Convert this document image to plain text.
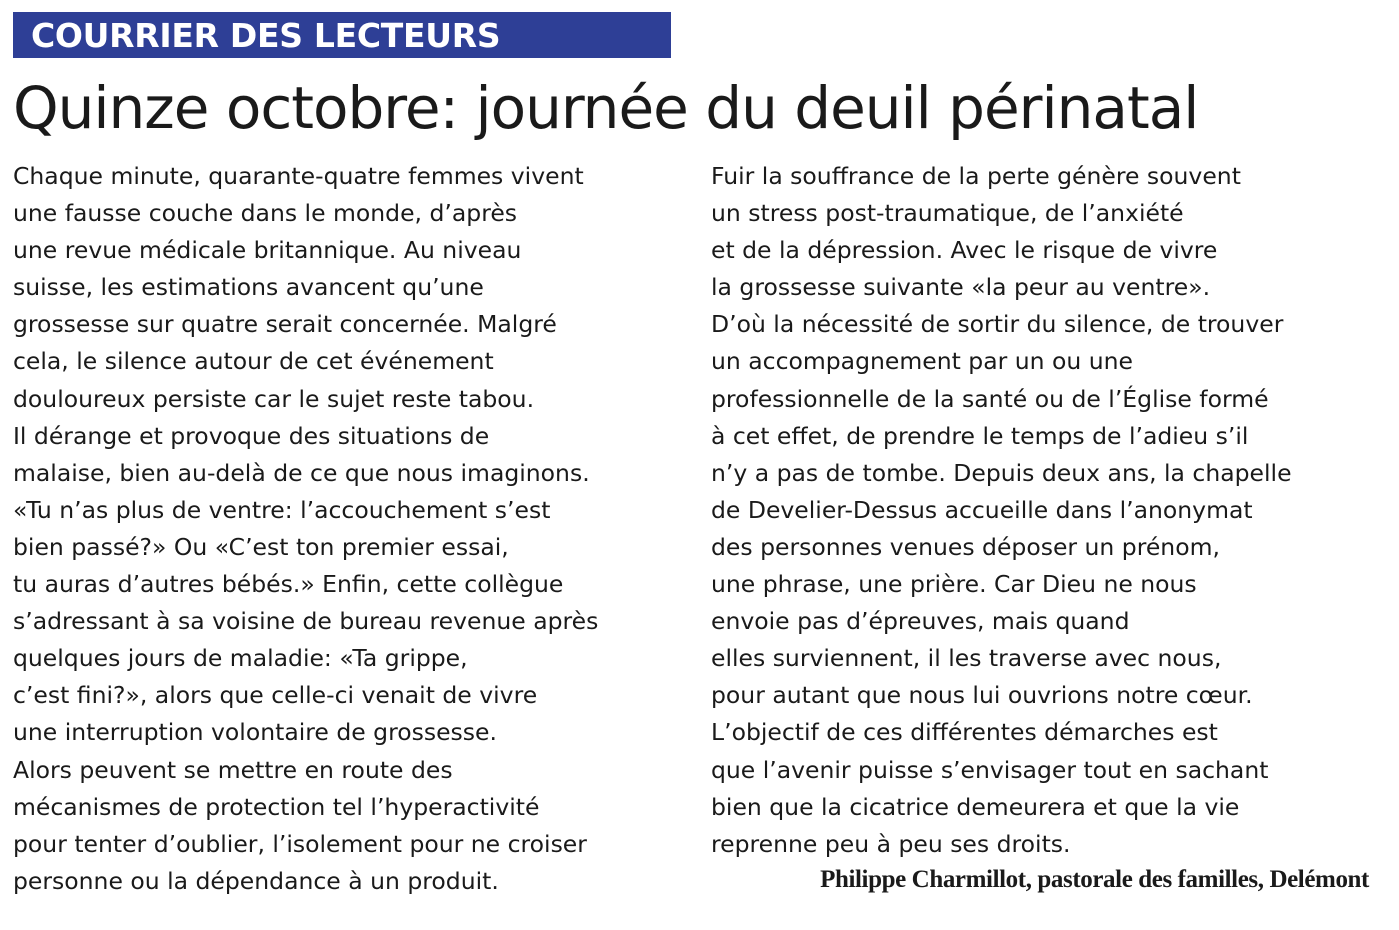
COURRIER DES LECTEURS
Quinze octobre: journée du deuil périnatal
Chaque minute, quarante-quatre femmes vivent
une fausse couche dans le monde, d’après
une revue médicale britannique. Au niveau
suisse, les estimations avancent qu’une
grossesse sur quatre serait concernée. Malgré
cela, le silence autour de cet événement
douloureux persiste car le sujet reste tabou.
Il dérange et provoque des situations de
malaise, bien au-delà de ce que nous imaginons.
«Tu n’as plus de ventre: l’accouchement s’est
bien passé?» Ou «C’est ton premier essai,
tu auras d’autres bébés.» Enfin, cette collègue
s’adressant à sa voisine de bureau revenue après
quelques jours de maladie: «Ta grippe,
c’est fini?», alors que celle-ci venait de vivre
une interruption volontaire de grossesse.
Alors peuvent se mettre en route des
mécanismes de protection tel l’hyperactivité
pour tenter d’oublier, l’isolement pour ne croiser
personne ou la dépendance à un produit.
Fuir la souffrance de la perte génère souvent
un stress post-traumatique, de l’anxiété
et de la dépression. Avec le risque de vivre
la grossesse suivante «la peur au ventre».
D’où la nécessité de sortir du silence, de trouver
un accompagnement par un ou une
professionnelle de la santé ou de l’Église formé
à cet effet, de prendre le temps de l’adieu s’il
n’y a pas de tombe. Depuis deux ans, la chapelle
de Develier-Dessus accueille dans l’anonymat
des personnes venues déposer un prénom,
une phrase, une prière. Car Dieu ne nous
envoie pas d’épreuves, mais quand
elles surviennent, il les traverse avec nous,
pour autant que nous lui ouvrions notre cœur.
L’objectif de ces différentes démarches est
que l’avenir puisse s’envisager tout en sachant
bien que la cicatrice demeurera et que la vie
reprenne peu à peu ses droits.
Philippe Charmillot, pastorale des familles, Delémont
